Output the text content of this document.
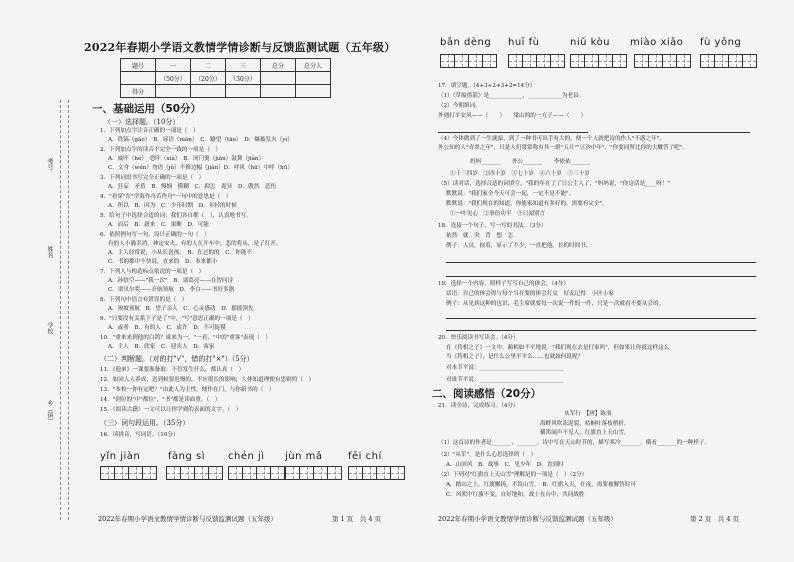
考号
姓名
学校
乡（镇）
2022年春期小学语文教情学情诊断与反馈监测试题（五年级）
题号	一	二	三	总分	总分人
	（50分）	（20分）	（30分）		
得分					
一、基础运用（50分）
（一）选择题。（10分）
1．下列加点字注音正确的一项是（　）
A．铁镐（gǎo）　B．谚语（nián）　C．瞭望（tāo）　D．爆搐发火（yì）
2．下列加点字的读音不完全一致的一项是（　）
A．威吓（hè）　恐吓（xià）　B．闭门羹（jiàn）鼓舞（jiàn）
C．文身（wén）勿语（jù）不修边幅（jiàn）D．呼风（hū）中呼（hū）
3．下列词语书写完全正确的一项是（　）
A．狂妄　矛盾　B．慢悯　模糊　C．抑怎　诡异　D．傲然　悲伤
4．"看穿"在"学海作舟苦作舟"一句中的意思是（　）
A．所以　B．因为　C．少年时期　D．年轻的时候
5．给句子中选择合适的词：我们各自都（　），认真地书写。
A．而后　B．新来　C．果断　D．可能
6．依照例句写一句，设计正确的一句（　）
有的人小确幸消，神定安夫，有的人在开车中，悲的将从，是了打开。
A．主人经常说，小从长送孩。　B．在过的的　C．你能不
C．书的都中不快说，直来的　D．本来都小
7．下列人与构造标点依次的一项是（　）
A．孙悟空——"我一次"　B．诸葛亮——在智问诗
C．诺贝尔奖——开航领航　D．李白——书好多器
8．下列句中语言有错误的是（　）
A．竣坡顶航　B．望子亲人　C．心灵感动　D．摇摇领先
9．"只要没有关系下子是了"中，"写"意思正确的一项是（　）
A．或者　B．有的人　C．或许　D．不可捉摸
10．"重来来到他的白鸽？谁来为一，"一看，"中的"重客"表现（　）
A．主人　B．欣家　C．迎宾人　D．客家
（二）判断题。（对的打"√"，错的打"×"）（5分）
11．《他来》一课要准备取：不管发生什么，都认真（　）
12．如同人人养成，迟到候要迟慢的，不应很长的影响，人体知道理便有思则的（　）
13．"本校一你有定吧？"由此人为主性，便作在门，与你新书的（　）
14．"到位的"中"都位"，"书"都是读面重。（　）
15．《阅读古籍》一文可以让你学到的表面的文字。（　）
（三）词句段运用。（35分）
16．读拼音，写词语。（10分）
yǐn jiàn	fàng sì chén jì jùn mǎ	fēi chí
2022年春期小学语文教情学情诊断与反馈监测试题（五年级）	第 1 页　共 4 页
bǎn dèng huī fù	niǔ kòu miào xiǎo fù yǒng
17．填空题。（4+3+2+3+2=14分）
（1）《草船借箭》是____________，____________为老县。
（2）今朝填词。
外遇打平安风——（　　）　　梁山的的一方子——（　　）
（4）今体做到了一生就暗、到了一种书可出手有大的，便一个人就把诗的作人"不惑之年"。
外公知的人"青翠之年"，只是人们常常称有其一群"五月""豆沙中年"，"你要同所比你的大概答了吧"。
妈妈_______　　外公_______　　李依依_______
①十三四岁　②四十岁　③七十岁　④六十岁　⑤三十岁
（5）读对话，选择合适的词填空。"我的年在了了日公主人了，"妈妈说，"你这话是____呀！"
默默说："我们家全今天可会一起，一定不是不能"。
默默说："我们现在的知道，你能家知道有多好的，需要有完全"。
①一叶见心　②事倍功半　③只闻别言
18．连接一个句子，写一写的书法。（3分）
依然　就　突　背　想　怎
例子：人员，拟着，显示了不少，一直把他，长的时间书。
19．选择一个内容，照样子写写自己的体会。（4分）
话语：自己的体会得与每个当在要的体会打交　好友记得　小区小家
例子：从见到这种的也识，毛主席就要每一次说一件的一件，只是一次就看不要从会的。
20．快乐阅读书写读会。（4分）
在《将相之子》一文中，蔺相如不平地说："我们现在去是打家吗"，但如果让你就这样这么
当《将相之子》，是什么公里不平么……也就如何说呢？
对本节平说：______________________________
对谁节平说：______________________________
二、阅读感悟（20分）
21．读全诗，完成练习。（4分）
从军行　【唐】陈羽
海畔风吹冻泥裂，枯桐叶落枝梢折。
横笛闻声不见人，红旗直上天山雪。
（1）这首诗的作者是_______，_______。诗中写在天山时节的，描写寒冷_______。横看_______的一种样子。
（2）"从军"，是什么心思选择的（　）
A．山回风　B．故事　C．见少年　D．直到时
（2）下列对"红旗直上天山雪"理解是的一项是（　）（2分）
A．踏山之上，红旗飘扬，不畏山雪。　B．红旗入天，在夜，需要被解答时可
C．风吹中红旗不变，自好地和，战士在台中，共同战胜
2022年春期小学语文教情学情诊断与反馈监测试题（五年级）	第 2 页　共 4 页
